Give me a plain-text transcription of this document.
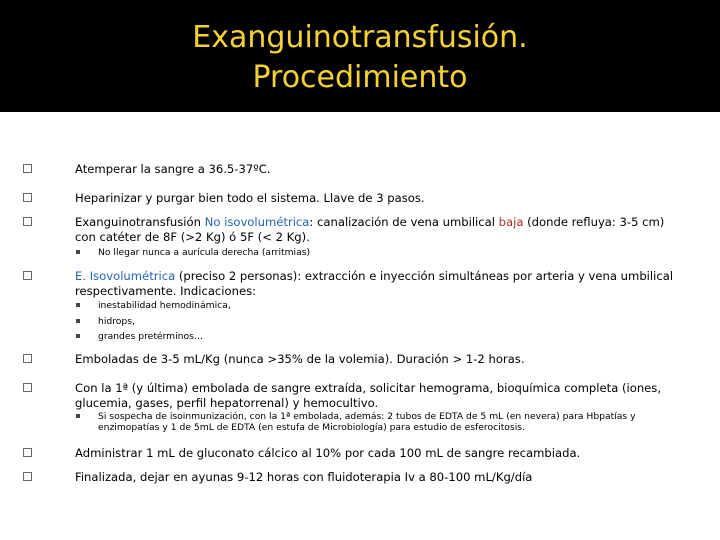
Exanguinotransfusión.
Procedimiento
Atemperar la sangre a 36.5-37ºC.
Heparinizar y purgar bien todo el sistema. Llave de 3 pasos.
Exanguinotransfusión No isovolumétrica: canalización de vena umbilical baja (donde refluya: 3-5 cm)
con catéter de 8F (>2 Kg) ó 5F (< 2 Kg).
No llegar nunca a aurícula derecha (arritmias)
E. Isovolumétrica (preciso 2 personas): extracción e inyección simultáneas por arteria y vena umbilical
respectivamente. Indicaciones:
inestabilidad hemodinámica,
hidrops,
grandes pretérminos…
Emboladas de 3-5 mL/Kg (nunca >35% de la volemia). Duración > 1-2 horas.
Con la 1ª (y última) embolada de sangre extraída, solicitar hemograma, bioquímica completa (iones,
glucemia, gases, perfil hepatorrenal) y hemocultivo.
Si sospecha de isoinmunización, con la 1ª embolada, además: 2 tubos de EDTA de 5 mL (en nevera) para Hbpatías y
enzimopatías y 1 de 5mL de EDTA (en estufa de Microbiología) para estudio de esferocitosis.
Administrar 1 mL de gluconato cálcico al 10% por cada 100 mL de sangre recambiada.
Finalizada, dejar en ayunas 9-12 horas con fluidoterapia Iv a 80-100 mL/Kg/día
